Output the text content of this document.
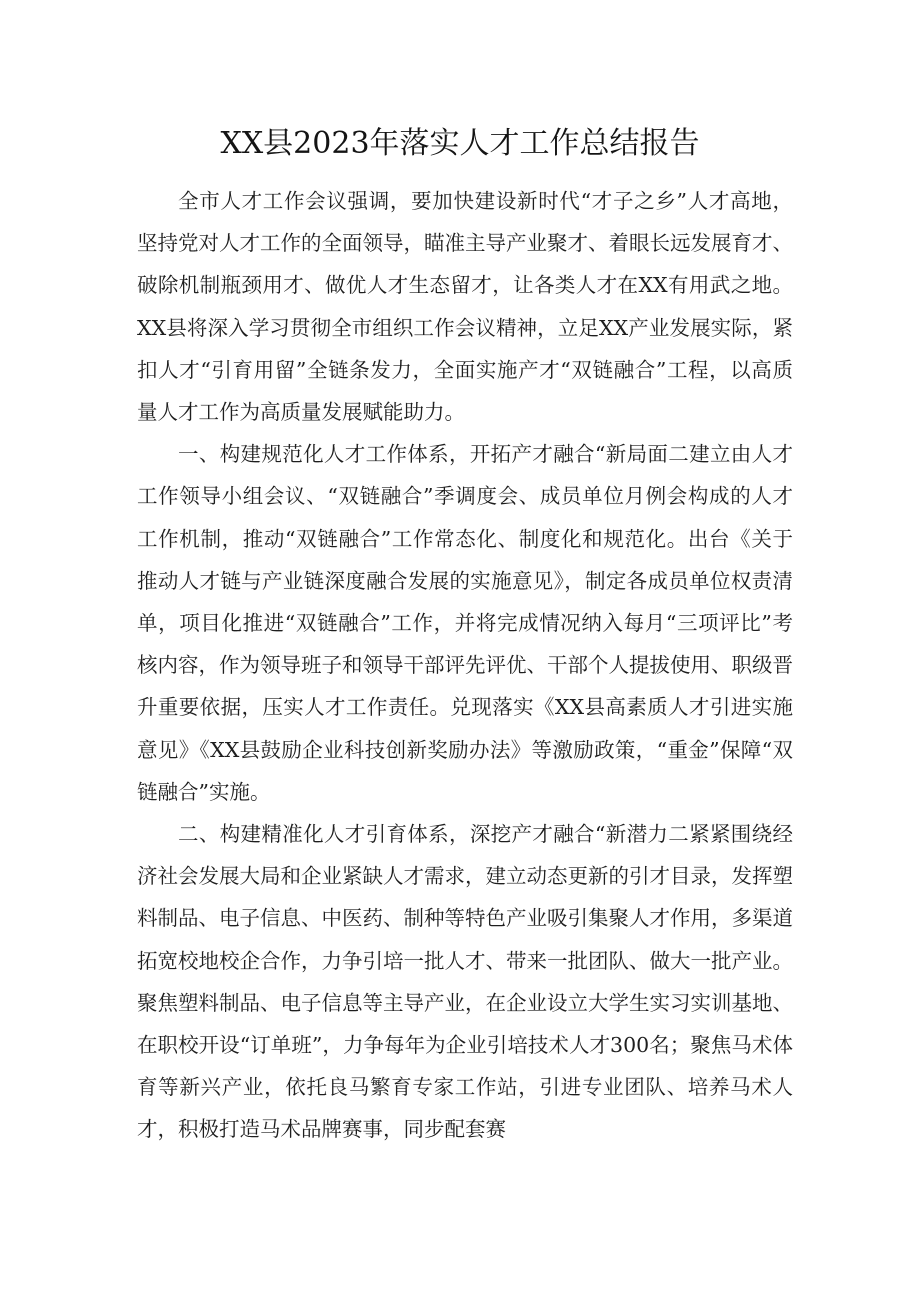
XX县2023年落实人才工作总结报告

全市人才工作会议强调，要加快建设新时代“才子之乡”人才高地，坚持党对人才工作的全面领导，瞄准主导产业聚才、着眼长远发展育才、破除机制瓶颈用才、做优人才生态留才，让各类人才在XX有用武之地。XX县将深入学习贯彻全市组织工作会议精神，立足XX产业发展实际，紧扣人才“引育用留”全链条发力，全面实施产才“双链融合”工程，以高质量人才工作为高质量发展赋能助力。

一、构建规范化人才工作体系，开拓产才融合“新局面二建立由人才工作领导小组会议、“双链融合”季调度会、成员单位月例会构成的人才工作机制，推动“双链融合”工作常态化、制度化和规范化。出台《关于推动人才链与产业链深度融合发展的实施意见》，制定各成员单位权责清单，项目化推进“双链融合”工作，并将完成情况纳入每月“三项评比”考核内容，作为领导班子和领导干部评先评优、干部个人提拔使用、职级晋升重要依据，压实人才工作责任。兑现落实《XX县高素质人才引进实施意见》《XX县鼓励企业科技创新奖励办法》等激励政策，“重金”保障“双链融合”实施。

二、构建精准化人才引育体系，深挖产才融合“新潜力二紧紧围绕经济社会发展大局和企业紧缺人才需求，建立动态更新的引才目录，发挥塑料制品、电子信息、中医药、制种等特色产业吸引集聚人才作用，多渠道拓宽校地校企合作，力争引培一批人才、带来一批团队、做大一批产业。聚焦塑料制品、电子信息等主导产业，在企业设立大学生实习实训基地、在职校开设“订单班”，力争每年为企业引培技术人才300名；聚焦马术体育等新兴产业，依托良马繁育专家工作站，引进专业团队、培养马术人才，积极打造马术品牌赛事，同步配套赛
